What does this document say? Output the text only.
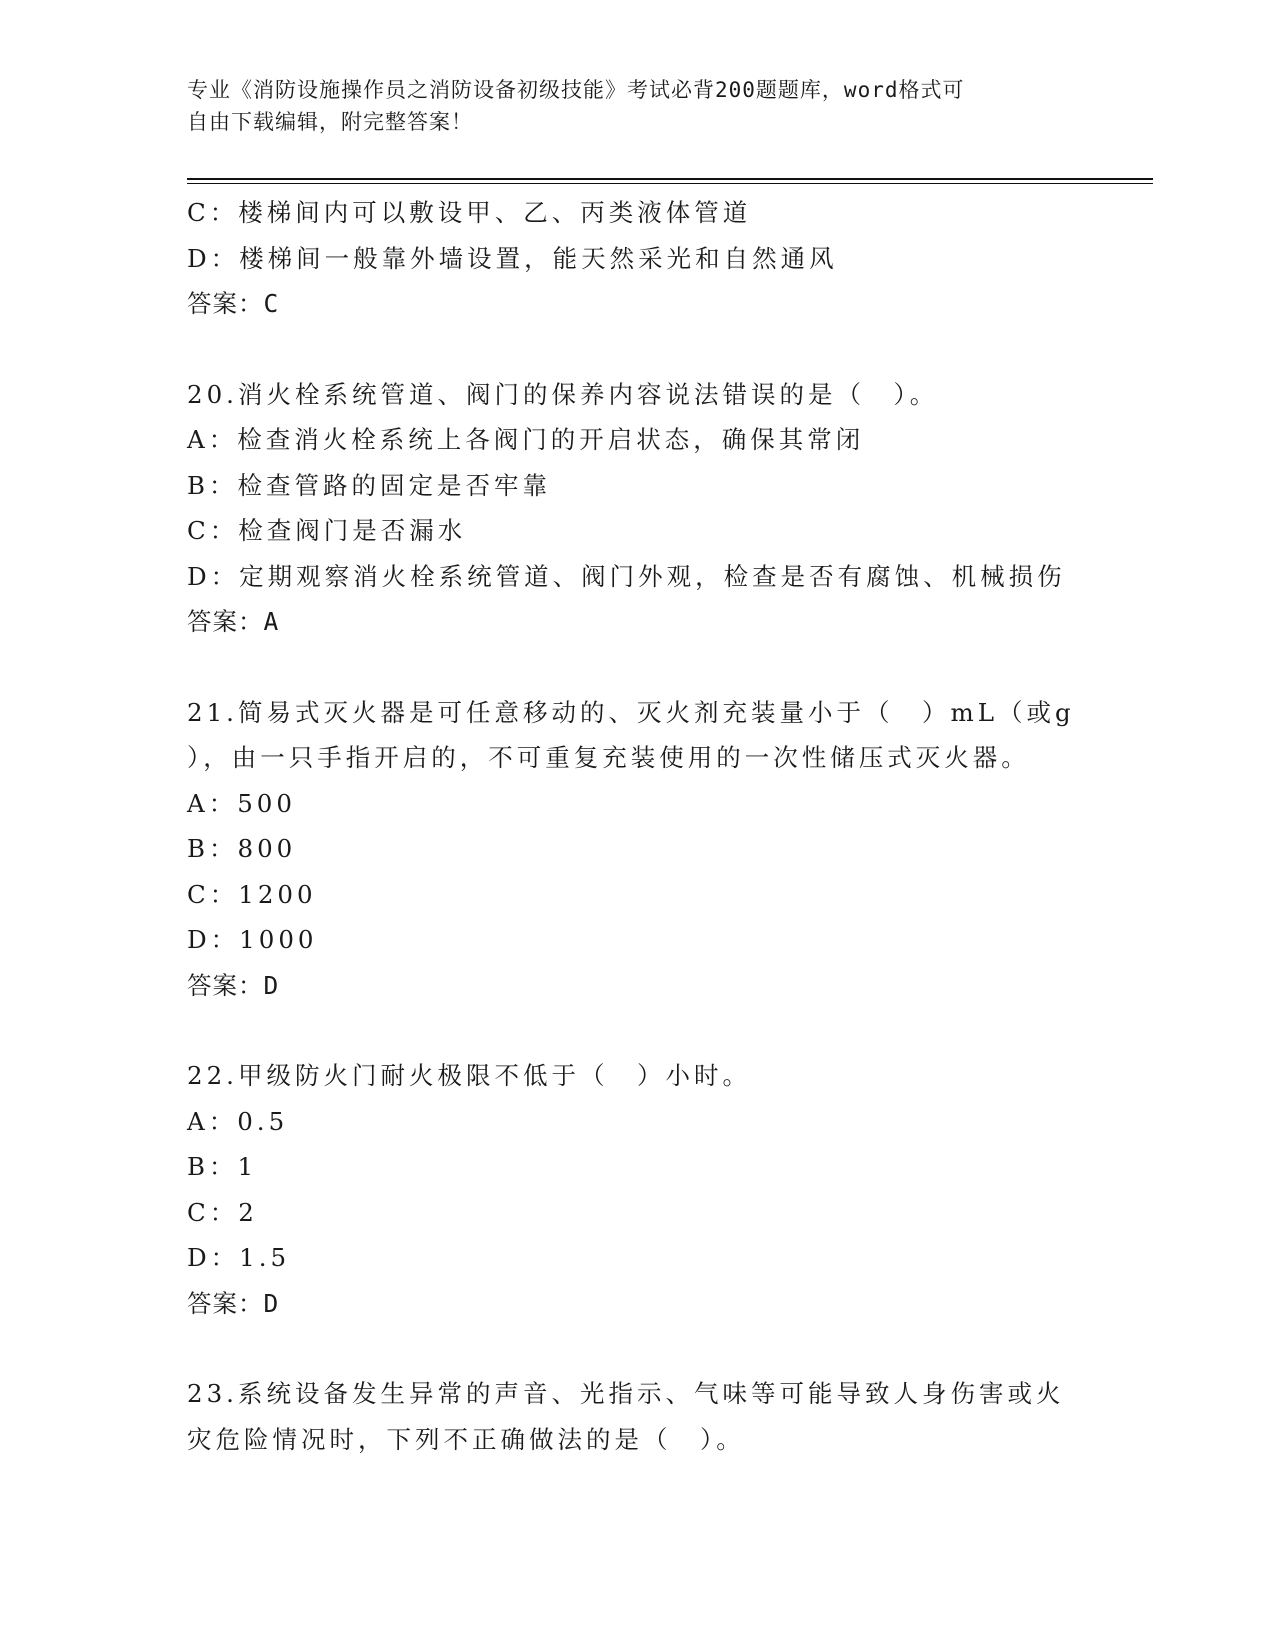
专业《消防设施操作员之消防设备初级技能》考试必背200题题库，word格式可
自由下载编辑，附完整答案！
C：楼梯间内可以敷设甲、乙、丙类液体管道
D：楼梯间一般靠外墙设置，能天然采光和自然通风
答案：C
20.消火栓系统管道、阀门的保养内容说法错误的是（　）。
A：检查消火栓系统上各阀门的开启状态，确保其常闭
B：检查管路的固定是否牢靠
C：检查阀门是否漏水
D：定期观察消火栓系统管道、阀门外观，检查是否有腐蚀、机械损伤
答案：A
21.简易式灭火器是可任意移动的、灭火剂充装量小于（　）mL（或g
），由一只手指开启的，不可重复充装使用的一次性储压式灭火器。
A：500
B：800
C：1200
D：1000
答案：D
22.甲级防火门耐火极限不低于（　）小时。
A：0.5
B：1
C：2
D：1.5
答案：D
23.系统设备发生异常的声音、光指示、气味等可能导致人身伤害或火
灾危险情况时，下列不正确做法的是（　）。
